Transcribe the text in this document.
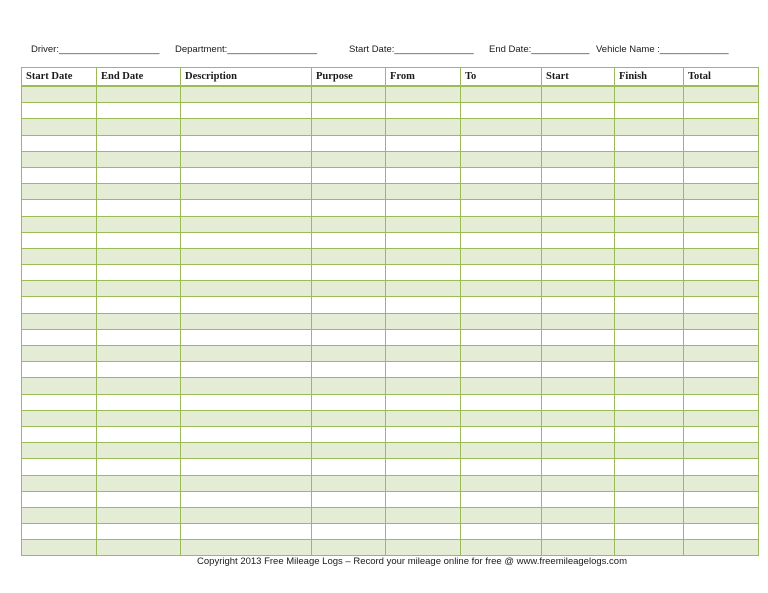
Driver:___________________ Department:_________________	Start Date:_______________ End Date:___________ Vehicle Name :_____________
Start Date	End Date	Description	Purpose	From	To	Start	Finish	Total

Copyright 2013 Free Mileage Logs – Record your mileage online for free @ www.freemileagelogs.com
